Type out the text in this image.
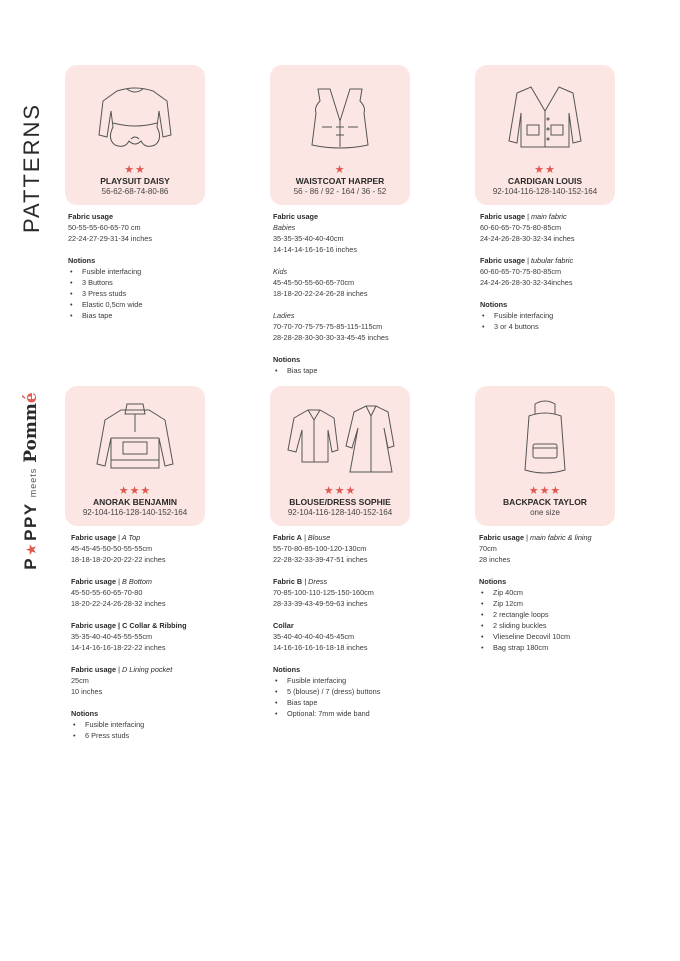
PATTERNS
P
★
PPY
meets
Pommé
★★
PLAYSUIT DAISY
56-62-68-74-80-86
★
WAISTCOAT HARPER
56 - 86 / 92 - 164 / 36 - 52
★★
CARDIGAN LOUIS
92-104-116-128-140-152-164
★★★
ANORAK BENJAMIN
92-104-116-128-140-152-164
★★★
BLOUSE/DRESS SOPHIE
92-104-116-128-140-152-164
★★★
BACKPACK TAYLOR
one size
Fabric usage
50-55-55-60-65-70 cm
22-24-27-29-31-34 inches
Notions
• Fusible interfacing
• 3 Buttons
• 3 Press studs
• Elastic 0,5cm wide
• Bias tape
Fabric usage
Babies
35-35-35-40-40-40cm
14-14-14-16-16-16 inches
Kids
45-45-50-55-60-65-70cm
18-18-20-22-24-26-28 inches
Ladies
70-70-70-75-75-75-85-115-115cm
28-28-28-30-30-30-33-45-45 inches
Notions
• Bias tape
Fabric usage | main fabric
60-60-65-70-75-80-85cm
24-24-26-28-30-32-34 inches
Fabric usage | tubular fabric
60-60-65-70-75-80-85cm
24-24-26-28-30-32-34inches
Notions
• Fusible interfacing
• 3 or 4 buttons
Fabric usage | A Top
45-45-45-50-50-55-55cm
18-18-18-20-20-22-22 inches
Fabric usage | B Bottom
45-50-55-60-65-70-80
18-20-22-24-26-28-32 inches
Fabric usage | C Collar & Ribbing
35-35-40-40-45-55-55cm
14-14-16-16-18-22-22 inches
Fabric usage | D Lining pocket
25cm
10 inches
Notions
• Fusible interfacing
• 6 Press studs
Fabric A | Blouse
55-70-80-85-100-120-130cm
22-28-32-33-39-47-51 inches
Fabric B | Dress
70-85-100-110-125-150-160cm
28-33-39-43-49-59-63 inches
Collar
35-40-40-40-40-45-45cm
14-16-16-16-16-18-18 inches
Notions
• Fusible interfacing
• 5 (blouse) / 7 (dress) buttons
• Bias tape
• Optional: 7mm wide band
Fabric usage | main fabric & lining
70cm
28 inches
Notions
• Zip 40cm
• Zip 12cm
• 2 rectangle loops
• 2 sliding buckles
• Vlieseline Decovil 10cm
• Bag strap 180cm
